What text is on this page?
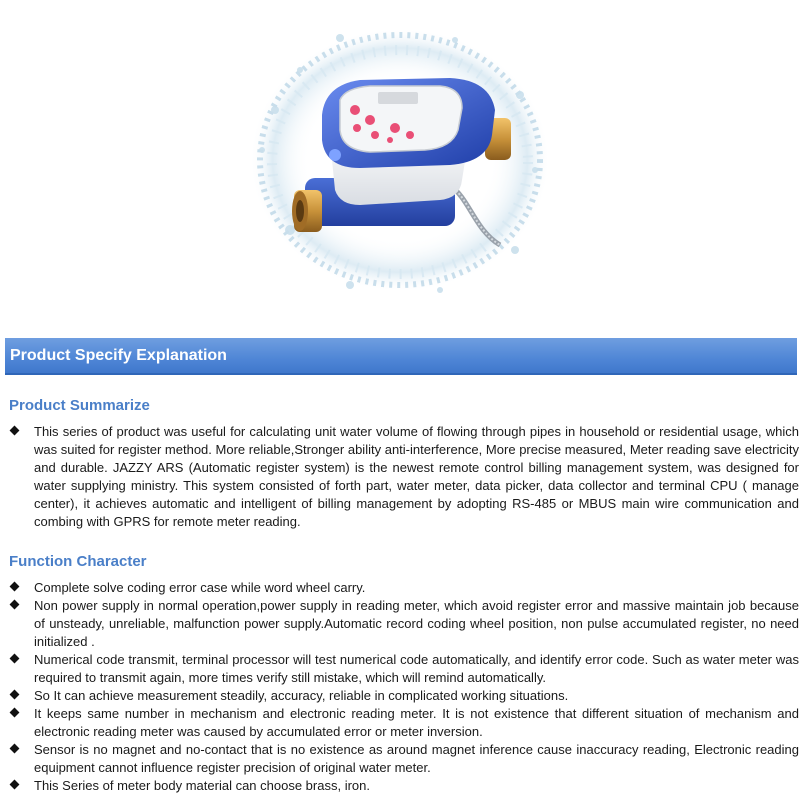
Product Specify Explanation
Product Summarize
This series of product was useful for calculating unit water volume of flowing through pipes in household or residential usage, which was suited for register method. More reliable,Stronger ability anti-interference, More precise measured, Meter reading save electricity and durable. JAZZY ARS (Automatic register system) is the newest remote control billing management system, was designed for water supplying ministry. This system consisted of forth part, water meter, data picker, data collector and terminal CPU ( manage center), it achieves automatic and intelligent of billing management by adopting RS-485 or MBUS main wire communication and combing with GPRS for remote meter reading.
Function Character
Complete solve coding error case while word wheel carry.
Non power supply in normal operation,power supply in reading meter, which avoid register error and massive maintain job because of unsteady, unreliable, malfunction power supply.Automatic record coding wheel position, non pulse accumulated register, no need initialized .
Numerical code transmit, terminal processor will test numerical code automatically, and identify error code. Such as water meter was required to transmit again, more times verify still mistake, which will remind automatically.
So It can achieve measurement steadily, accuracy, reliable in complicated working situations.
It keeps same number in mechanism and electronic reading meter. It is not existence that different situation of mechanism and electronic reading meter was caused by accumulated error or meter inversion.
Sensor is no magnet and no-contact that is no existence as around magnet inference cause inaccuracy reading, Electronic reading equipment cannot influence register precision of original water meter.
This Series of meter body material can choose brass, iron.
